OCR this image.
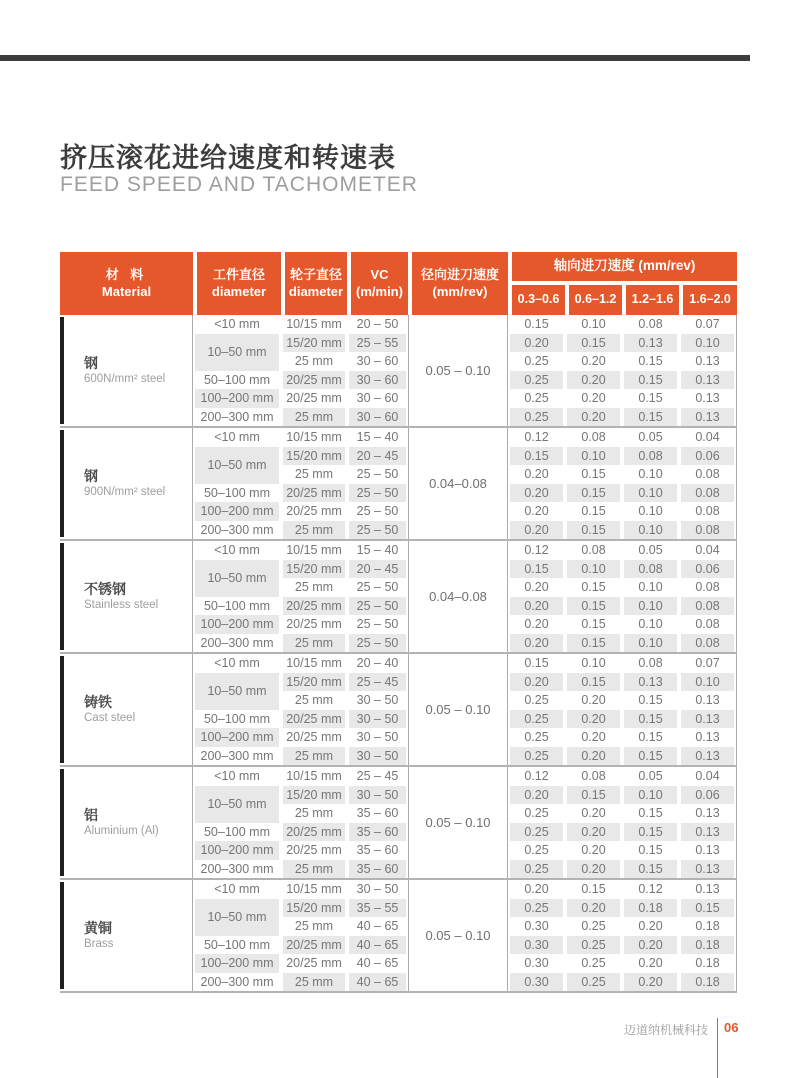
挤压滚花进给速度和转速表
FEED SPEED AND TACHOMETER
材 料
Material

工件直径
diameter

轮子直径
diameter

VC
(m/min)

径向进刀速度
(mm/rev)
	轴向进刀速度 (mm/rev)
					0.3–0.6	0.6–1.2	1.2–1.6	1.6–2.0
钢
600N/mm² steel	<10 mm	10/15 mm	20 – 50	0.05 – 0.10	0.15	0.10	0.08	0.07
	10–50 mm	15/20 mm	25 – 55		0.20	0.15	0.13	0.10
		25 mm	30 – 60		0.25	0.20	0.15	0.13
	50–100 mm	20/25 mm	30 – 60		0.25	0.20	0.15	0.13
	100–200 mm	20/25 mm	30 – 60		0.25	0.20	0.15	0.13
	200–300 mm	25 mm	30 – 60		0.25	0.20	0.15	0.13
钢
900N/mm² steel	<10 mm	10/15 mm	15 – 40	0.04–0.08	0.12	0.08	0.05	0.04
	10–50 mm	15/20 mm	20 – 45		0.15	0.10	0.08	0.06
		25 mm	25 – 50		0.20	0.15	0.10	0.08
	50–100 mm	20/25 mm	25 – 50		0.20	0.15	0.10	0.08
	100–200 mm	20/25 mm	25 – 50		0.20	0.15	0.10	0.08
	200–300 mm	25 mm	25 – 50		0.20	0.15	0.10	0.08
不锈钢
Stainless steel	<10 mm	10/15 mm	15 – 40	0.04–0.08	0.12	0.08	0.05	0.04
	10–50 mm	15/20 mm	20 – 45		0.15	0.10	0.08	0.06
		25 mm	25 – 50		0.20	0.15	0.10	0.08
	50–100 mm	20/25 mm	25 – 50		0.20	0.15	0.10	0.08
	100–200 mm	20/25 mm	25 – 50		0.20	0.15	0.10	0.08
	200–300 mm	25 mm	25 – 50		0.20	0.15	0.10	0.08
铸铁
Cast steel	<10 mm	10/15 mm	20 – 40	0.05 – 0.10	0.15	0.10	0.08	0.07
	10–50 mm	15/20 mm	25 – 45		0.20	0.15	0.13	0.10
		25 mm	30 – 50		0.25	0.20	0.15	0.13
	50–100 mm	20/25 mm	30 – 50		0.25	0.20	0.15	0.13
	100–200 mm	20/25 mm	30 – 50		0.25	0.20	0.15	0.13
	200–300 mm	25 mm	30 – 50		0.25	0.20	0.15	0.13
铝
Aluminium (Al)	<10 mm	10/15 mm	25 – 45	0.05 – 0.10	0.12	0.08	0.05	0.04
	10–50 mm	15/20 mm	30 – 50		0.20	0.15	0.10	0.06
		25 mm	35 – 60		0.25	0.20	0.15	0.13
	50–100 mm	20/25 mm	35 – 60		0.25	0.20	0.15	0.13
	100–200 mm	20/25 mm	35 – 60		0.25	0.20	0.15	0.13
	200–300 mm	25 mm	35 – 60		0.25	0.20	0.15	0.13
黄铜
Brass	<10 mm	10/15 mm	30 – 50	0.05 – 0.10	0.20	0.15	0.12	0.13
	10–50 mm	15/20 mm	35 – 55		0.25	0.20	0.18	0.15
		25 mm	40 – 65		0.30	0.25	0.20	0.18
	50–100 mm	20/25 mm	40 – 65		0.30	0.25	0.20	0.18
	100–200 mm	20/25 mm	40 – 65		0.30	0.25	0.20	0.18
	200–300 mm	25 mm	40 – 65		0.30	0.25	0.20	0.18
迈道纳机械科技 06
